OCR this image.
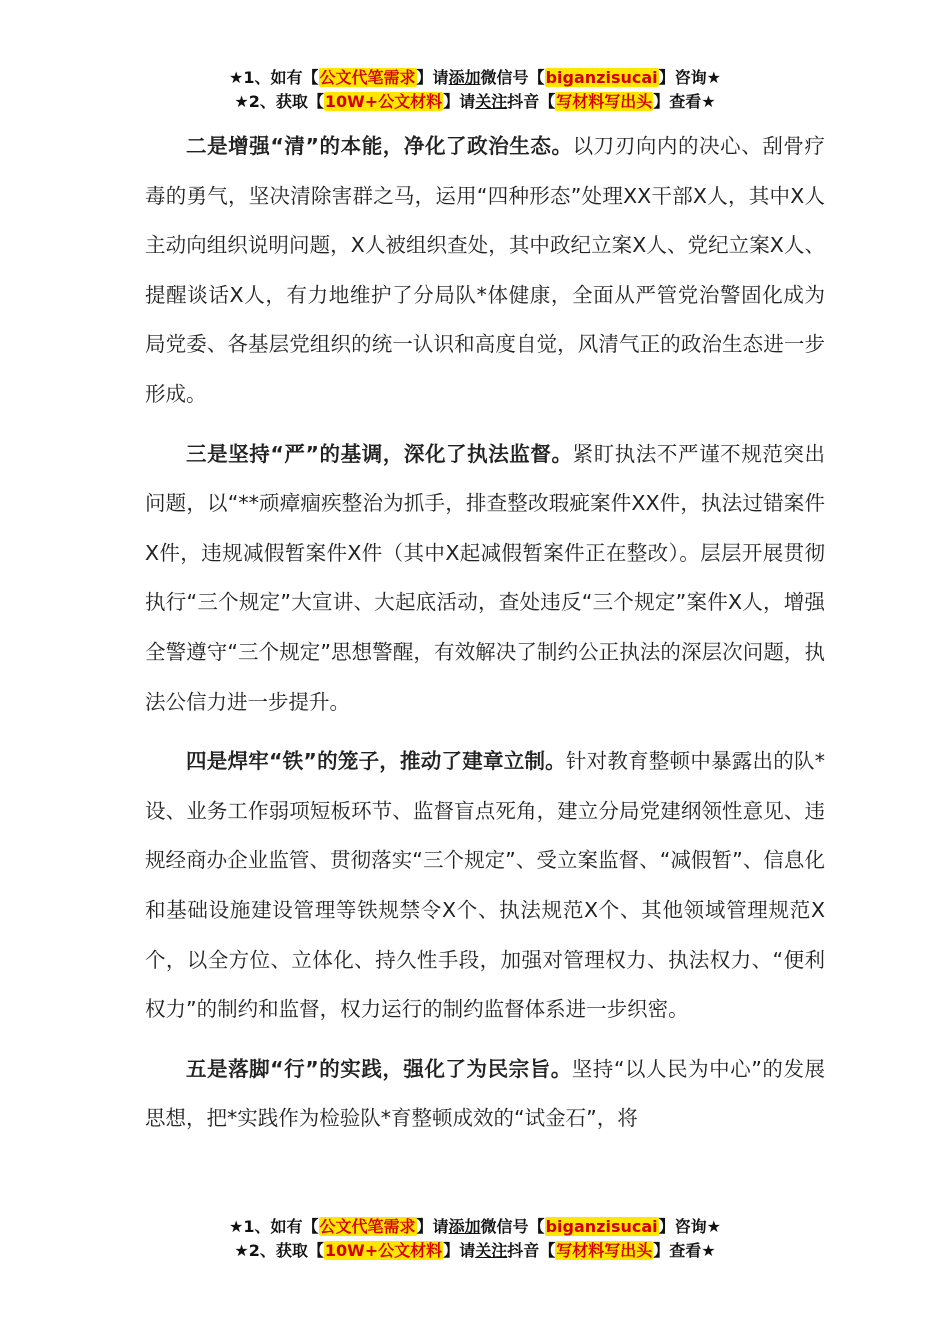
★1、如有【公文代笔需求】请添加微信号【biganzisucai】咨询★
★2、获取【10W+公文材料】请关注抖音【写材料写出头】查看★

二是增强“清”的本能，净化了政治生态。以刀刃向内的决心、刮骨疗毒的勇气，坚决清除害群之马，运用“四种形态”处理XX干部X人，其中X人主动向组织说明问题，X人被组织查处，其中政纪立案X人、党纪立案X人、提醒谈话X人，有力地维护了分局队*体健康，全面从严管党治警固化成为局党委、各基层党组织的统一认识和高度自觉，风清气正的政治生态进一步形成。

三是坚持“严”的基调，深化了执法监督。紧盯执法不严谨不规范突出问题，以“**顽瘴痼疾整治为抓手，排查整改瑕疵案件XX件，执法过错案件X件，违规减假暂案件X件（其中X起减假暂案件正在整改）。层层开展贯彻执行“三个规定”大宣讲、大起底活动，查处违反“三个规定”案件X人，增强全警遵守“三个规定”思想警醒，有效解决了制约公正执法的深层次问题，执法公信力进一步提升。

四是焊牢“铁”的笼子，推动了建章立制。针对教育整顿中暴露出的队*设、业务工作弱项短板环节、监督盲点死角，建立分局党建纲领性意见、违规经商办企业监管、贯彻落实“三个规定”、受立案监督、“减假暂”、信息化和基础设施建设管理等铁规禁令X个、执法规范X个、其他领域管理规范X个，以全方位、立体化、持久性手段，加强对管理权力、执法权力、“便利权力”的制约和监督，权力运行的制约监督体系进一步织密。

五是落脚“行”的实践，强化了为民宗旨。坚持“以人民为中心”的发展思想，把*实践作为检验队*育整顿成效的“试金石”，将

★1、如有【公文代笔需求】请添加微信号【biganzisucai】咨询★
★2、获取【10W+公文材料】请关注抖音【写材料写出头】查看★
